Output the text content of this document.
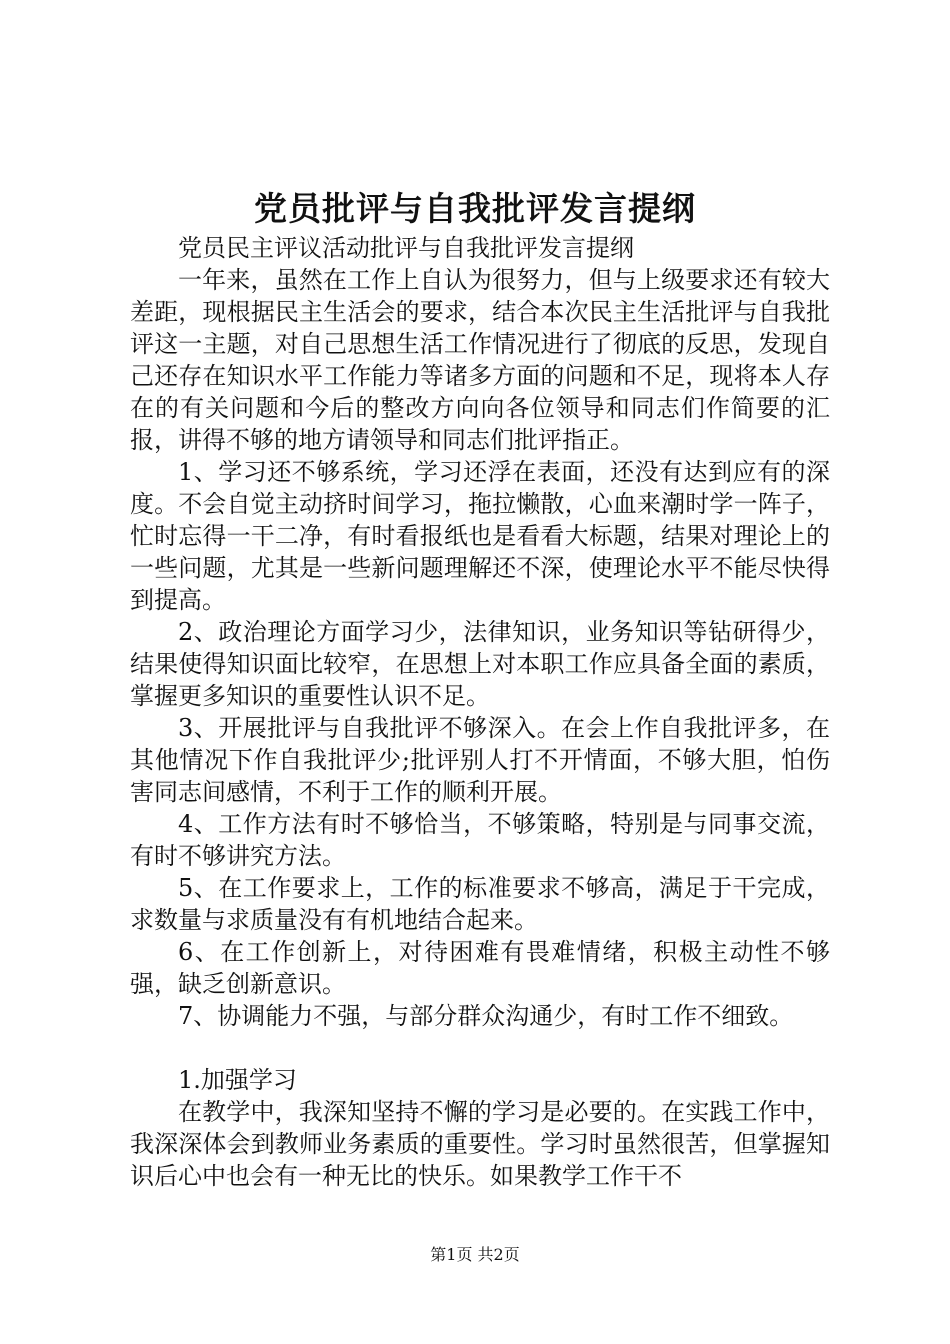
党员批评与自我批评发言提纲

党员民主评议活动批评与自我批评发言提纲

一年来，虽然在工作上自认为很努力，但与上级要求还有较大差距，现根据民主生活会的要求，结合本次民主生活批评与自我批评这一主题，对自己思想生活工作情况进行了彻底的反思，发现自己还存在知识水平工作能力等诸多方面的问题和不足，现将本人存在的有关问题和今后的整改方向向各位领导和同志们作简要的汇报，讲得不够的地方请领导和同志们批评指正。

1、学习还不够系统，学习还浮在表面，还没有达到应有的深度。不会自觉主动挤时间学习，拖拉懒散，心血来潮时学一阵子，忙时忘得一干二净，有时看报纸也是看看大标题，结果对理论上的一些问题，尤其是一些新问题理解还不深，使理论水平不能尽快得到提高。

2、政治理论方面学习少，法律知识，业务知识等钻研得少，结果使得知识面比较窄，在思想上对本职工作应具备全面的素质，掌握更多知识的重要性认识不足。

3、开展批评与自我批评不够深入。在会上作自我批评多，在其他情况下作自我批评少;批评别人打不开情面，不够大胆，怕伤害同志间感情，不利于工作的顺利开展。

4、工作方法有时不够恰当，不够策略，特别是与同事交流，有时不够讲究方法。

5、在工作要求上，工作的标准要求不够高，满足于干完成，求数量与求质量没有有机地结合起来。

6、在工作创新上，对待困难有畏难情绪，积极主动性不够强，缺乏创新意识。

7、协调能力不强，与部分群众沟通少，有时工作不细致。

1.加强学习

在教学中，我深知坚持不懈的学习是必要的。在实践工作中，我深深体会到教师业务素质的重要性。学习时虽然很苦，但掌握知识后心中也会有一种无比的快乐。如果教学工作干不

第1页 共2页
